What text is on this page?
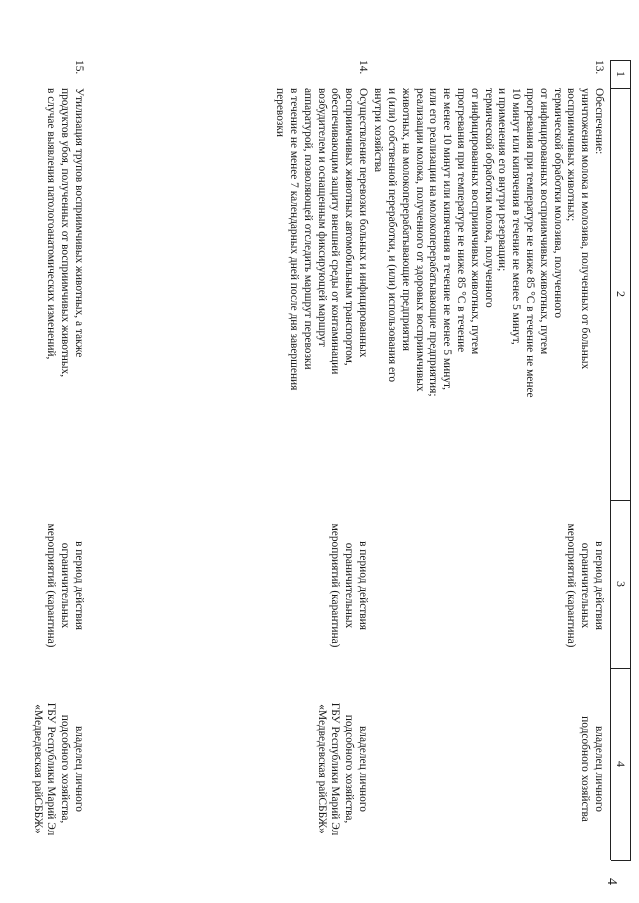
4
1
2
3
4
13.
Обеспечение:
уничтожения молока и молозива, полученных от больных
восприимчивых животных;
термической обработки молозива, полученного
от инфицированных восприимчивых животных, путем
прогревания при температуре не ниже 85 °С в течение не менее
10 минут или кипячения в течение не менее 5 минут,
и применения его внутри резервации;
термической обработки молока, полученного
от инфицированных восприимчивых животных, путем
прогревания при температуре не ниже 85 °С в течение
не менее 10 минут или кипячения в течение не менее 5 минут,
или его реализации на молокоперерабатывающие предприятия;
реализации молока, полученного от здоровых восприимчивых
животных, на молокоперерабатывающие предприятия
и (или) собственной переработки, и (или) использования его
внутри хозяйства
в период действия
ограничительных
мероприятий (карантина)
владелец личного
подсобного хозяйства
14.
Осуществление перевозки больных и инфицированных
восприимчивых животных автомобильным транспортом,
обеспечивающим защиту внешней среды от контаминации
возбудителем и оснащенным фиксирующей маршрут
аппаратурой, позволяющей отследить маршрут перевозки
в течение не менее 7 календарных дней после дня завершения
перевозки
в период действия
ограничительных
мероприятий (карантина)
владелец личного
подсобного хозяйства,
ГБУ Республики Марий Эл
«Медведевская райСББЖ»
15.
Утилизация трупов восприимчивых животных, а также
продуктов убоя, полученных от восприимчивых животных,
в случае выявления патологоанатомических изменений,
в период действия
ограничительных
мероприятий (карантина)
владелец личного
подсобного хозяйства,
ГБУ Республики Марий Эл
«Медведевская райСББЖ»
